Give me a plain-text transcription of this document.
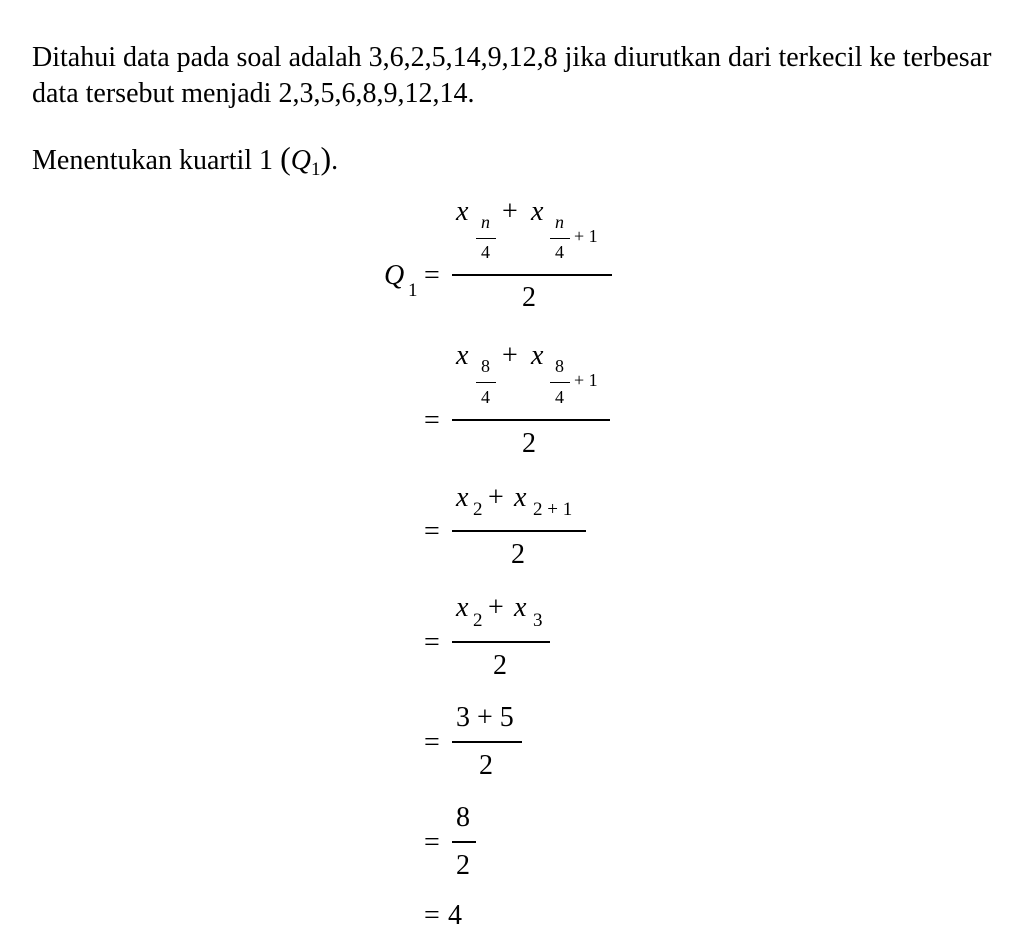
Ditahui data pada soal adalah 3,6,2,5,14,9,12,8 jika diurutkan dari terkecil ke terbesar data tersebut menjadi 2,3,5,6,8,9,12,14.

Menentukan kuartil 1 $(Q_1)$.

Q 1 =
x n
4
+ x n
4
+ 1
2
=
x 8
4
+ x 8
4
+ 1
2
=
x 2 + x 2 + 1
2
=
x 2 + x 3
2
=
3 + 5
2
=
8
2
= 4
